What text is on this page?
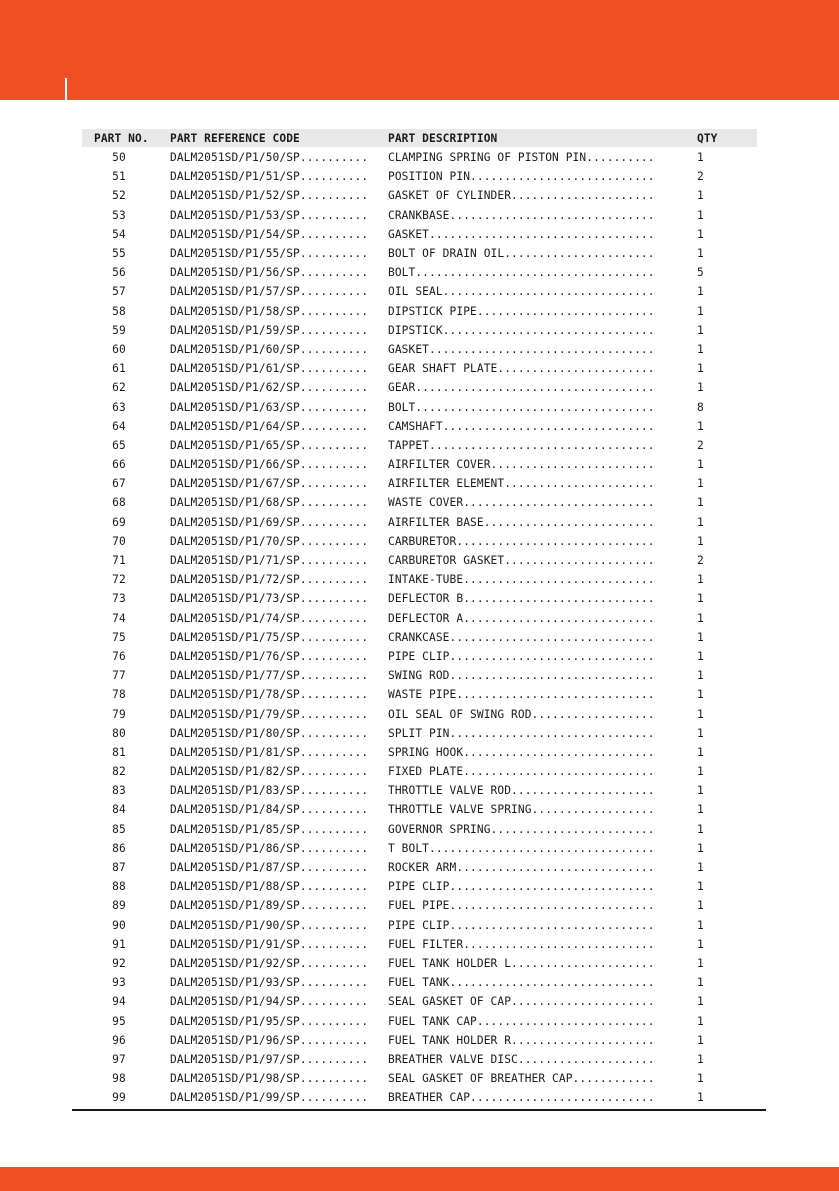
PART NO.	PART REFERENCE CODE	PART DESCRIPTION	QTY
50	DALM2051SD/P1/50/SP..........	CLAMPING SPRING OF PISTON PIN..........	1
51	DALM2051SD/P1/51/SP..........	POSITION PIN...........................	2
52	DALM2051SD/P1/52/SP..........	GASKET OF CYLINDER.....................	1
53	DALM2051SD/P1/53/SP..........	CRANKBASE..............................	1
54	DALM2051SD/P1/54/SP..........	GASKET.................................	1
55	DALM2051SD/P1/55/SP..........	BOLT OF DRAIN OIL......................	1
56	DALM2051SD/P1/56/SP..........	BOLT...................................	5
57	DALM2051SD/P1/57/SP..........	OIL SEAL...............................	1
58	DALM2051SD/P1/58/SP..........	DIPSTICK PIPE..........................	1
59	DALM2051SD/P1/59/SP..........	DIPSTICK...............................	1
60	DALM2051SD/P1/60/SP..........	GASKET.................................	1
61	DALM2051SD/P1/61/SP..........	GEAR SHAFT PLATE.......................	1
62	DALM2051SD/P1/62/SP..........	GEAR...................................	1
63	DALM2051SD/P1/63/SP..........	BOLT...................................	8
64	DALM2051SD/P1/64/SP..........	CAMSHAFT...............................	1
65	DALM2051SD/P1/65/SP..........	TAPPET.................................	2
66	DALM2051SD/P1/66/SP..........	AIRFILTER COVER........................	1
67	DALM2051SD/P1/67/SP..........	AIRFILTER ELEMENT......................	1
68	DALM2051SD/P1/68/SP..........	WASTE COVER............................	1
69	DALM2051SD/P1/69/SP..........	AIRFILTER BASE.........................	1
70	DALM2051SD/P1/70/SP..........	CARBURETOR.............................	1
71	DALM2051SD/P1/71/SP..........	CARBURETOR GASKET......................	2
72	DALM2051SD/P1/72/SP..........	INTAKE-TUBE............................	1
73	DALM2051SD/P1/73/SP..........	DEFLECTOR B............................	1
74	DALM2051SD/P1/74/SP..........	DEFLECTOR A............................	1
75	DALM2051SD/P1/75/SP..........	CRANKCASE..............................	1
76	DALM2051SD/P1/76/SP..........	PIPE CLIP..............................	1
77	DALM2051SD/P1/77/SP..........	SWING ROD..............................	1
78	DALM2051SD/P1/78/SP..........	WASTE PIPE.............................	1
79	DALM2051SD/P1/79/SP..........	OIL SEAL OF SWING ROD..................	1
80	DALM2051SD/P1/80/SP..........	SPLIT PIN..............................	1
81	DALM2051SD/P1/81/SP..........	SPRING HOOK............................	1
82	DALM2051SD/P1/82/SP..........	FIXED PLATE............................	1
83	DALM2051SD/P1/83/SP..........	THROTTLE VALVE ROD.....................	1
84	DALM2051SD/P1/84/SP..........	THROTTLE VALVE SPRING..................	1
85	DALM2051SD/P1/85/SP..........	GOVERNOR SPRING........................	1
86	DALM2051SD/P1/86/SP..........	T BOLT.................................	1
87	DALM2051SD/P1/87/SP..........	ROCKER ARM.............................	1
88	DALM2051SD/P1/88/SP..........	PIPE CLIP..............................	1
89	DALM2051SD/P1/89/SP..........	FUEL PIPE..............................	1
90	DALM2051SD/P1/90/SP..........	PIPE CLIP..............................	1
91	DALM2051SD/P1/91/SP..........	FUEL FILTER............................	1
92	DALM2051SD/P1/92/SP..........	FUEL TANK HOLDER L.....................	1
93	DALM2051SD/P1/93/SP..........	FUEL TANK..............................	1
94	DALM2051SD/P1/94/SP..........	SEAL GASKET OF CAP.....................	1
95	DALM2051SD/P1/95/SP..........	FUEL TANK CAP..........................	1
96	DALM2051SD/P1/96/SP..........	FUEL TANK HOLDER R.....................	1
97	DALM2051SD/P1/97/SP..........	BREATHER VALVE DISC....................	1
98	DALM2051SD/P1/98/SP..........	SEAL GASKET OF BREATHER CAP............	1
99	DALM2051SD/P1/99/SP..........	BREATHER CAP...........................	1
